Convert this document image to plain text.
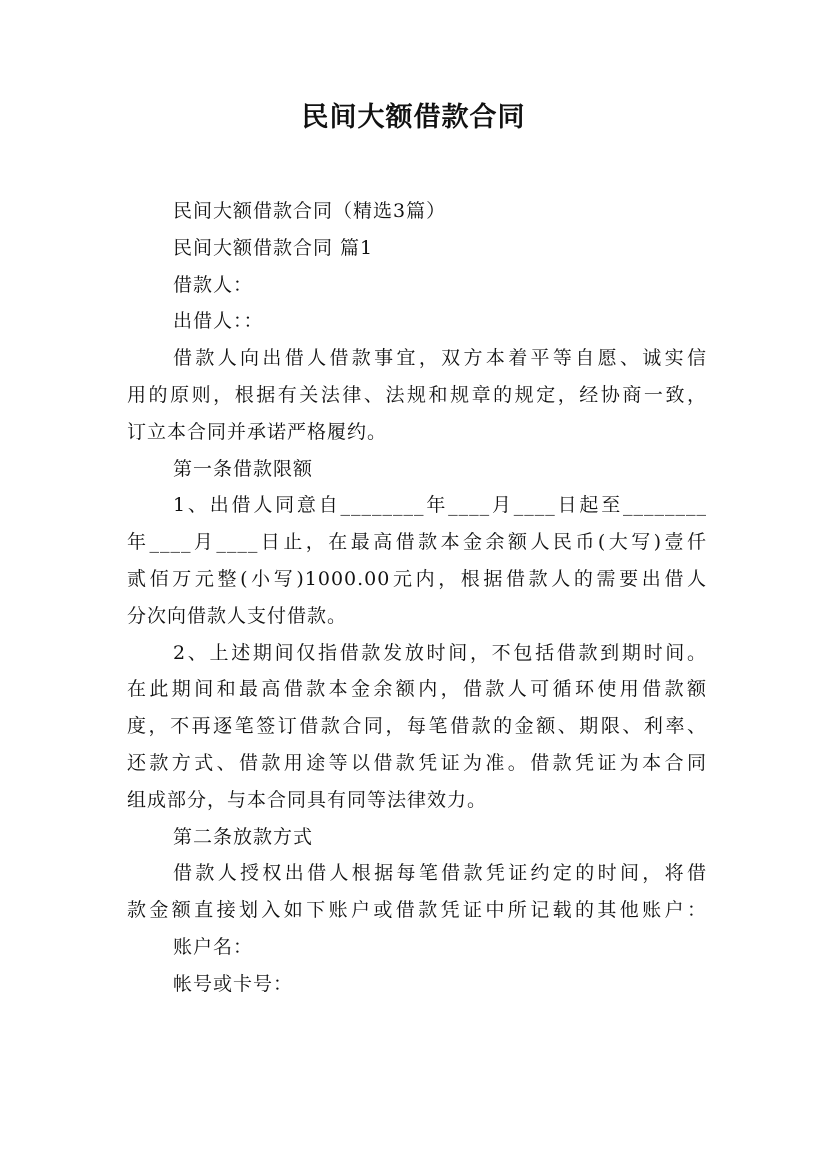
民间大额借款合同
民间大额借款合同（精选3篇）
民间大额借款合同 篇1
借款人：
出借人：：
借款人向出借人借款事宜，双方本着平等自愿、诚实信
用的原则，根据有关法律、法规和规章的规定，经协商一致，
订立本合同并承诺严格履约。
第一条借款限额
1、出借人同意自________年____月____日起至________
年____月____日止，在最高借款本金余额人民币(大写)壹仟
贰佰万元整(小写)1000.00元内，根据借款人的需要出借人
分次向借款人支付借款。
2、上述期间仅指借款发放时间，不包括借款到期时间。
在此期间和最高借款本金余额内，借款人可循环使用借款额
度，不再逐笔签订借款合同，每笔借款的金额、期限、利率、
还款方式、借款用途等以借款凭证为准。借款凭证为本合同
组成部分，与本合同具有同等法律效力。
第二条放款方式
借款人授权出借人根据每笔借款凭证约定的时间，将借
款金额直接划入如下账户或借款凭证中所记载的其他账户：
账户名：
帐号或卡号：
